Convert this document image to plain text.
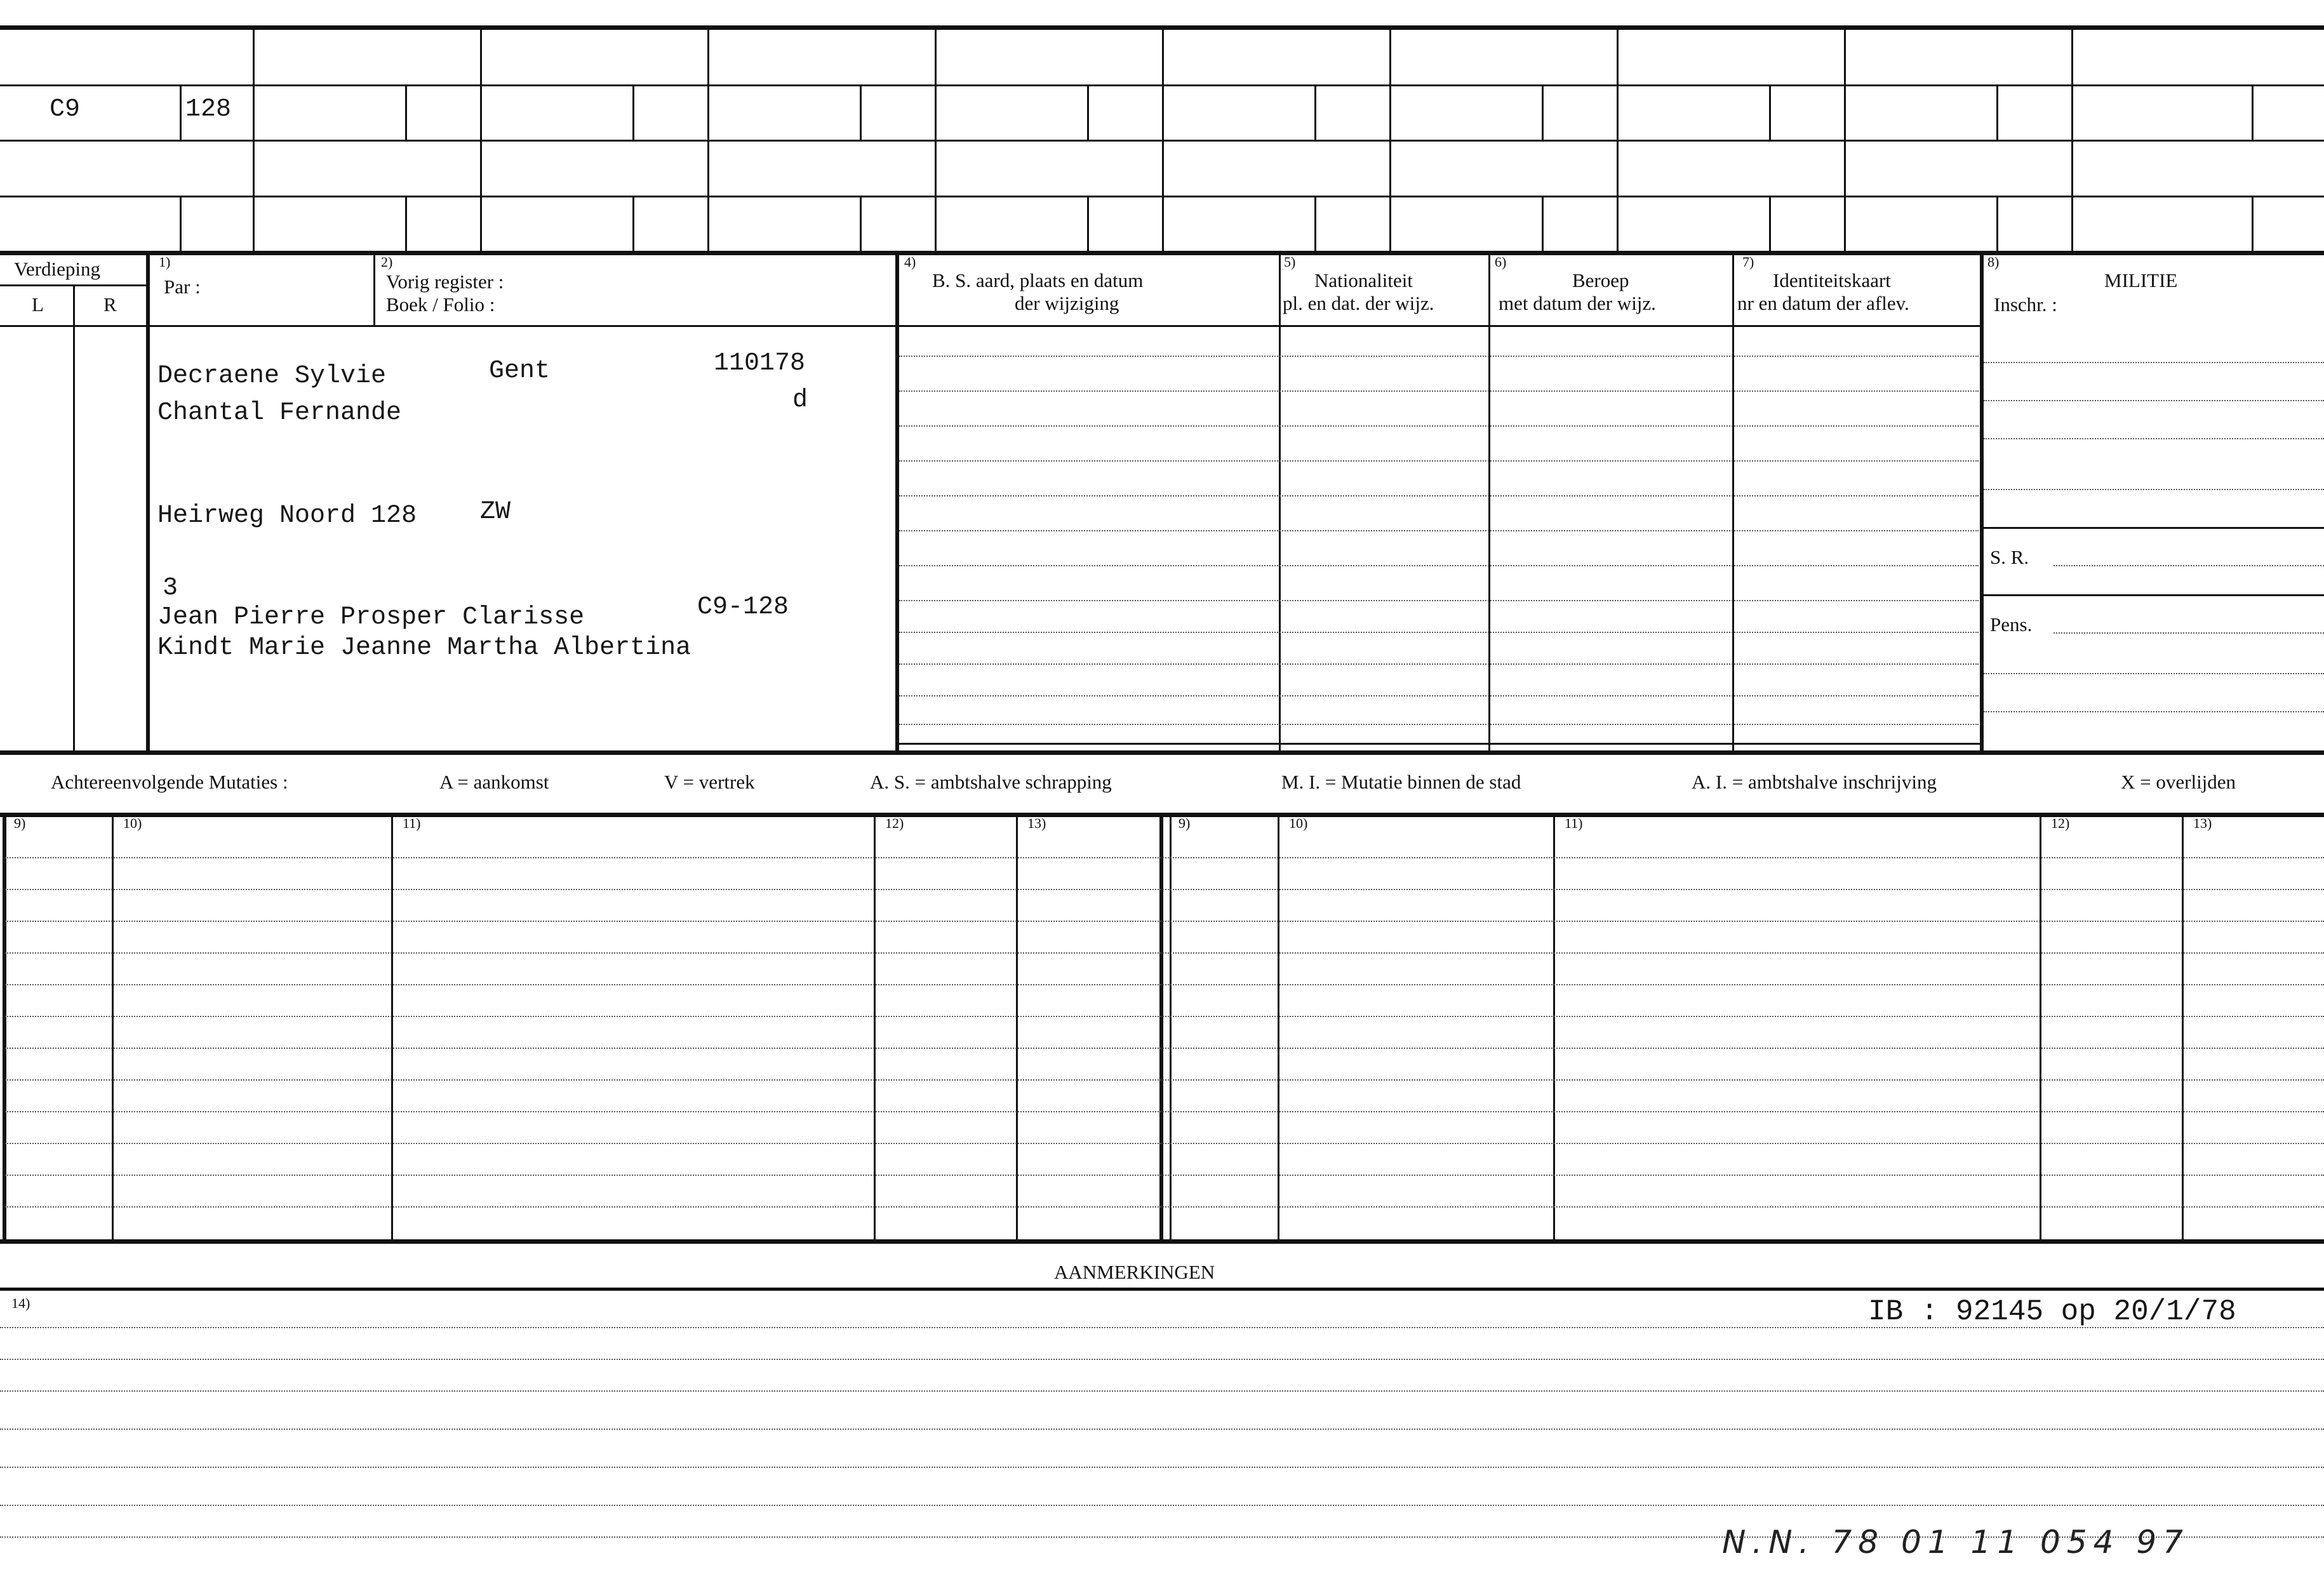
C9	128
Verdieping
L	R
1)
Par :
2)
Vorig register :
Boek / Folio :
4)
B. S. aard, plaats en datum
der wijziging
5)
Nationaliteit
pl. en dat. der wijz.
6)
Beroep
met datum der wijz.
7)
Identiteitskaart
nr en datum der aflev.
8)
MILITIE
Inschr. :
S. R.
Pens.
Decraene Sylvie	Gent	110178
d
Chantal Fernande
Heirweg Noord 128 ZW
3
Jean Pierre Prosper Clarisse	C9-128
Kindt Marie Jeanne Martha Albertina
Achtereenvolgende Mutaties :	A = aankomst	V = vertrek	A. S. = ambtshalve schrapping	M. I. = Mutatie binnen de stad	A. I. = ambtshalve inschrijving	X = overlijden
9)	10)	11)	12)	13)	9)	10)	11)	12)	13)
AANMERKINGEN
14)	IB : 92145 op 20/1/78
N.N. 78 01 11 054 97
